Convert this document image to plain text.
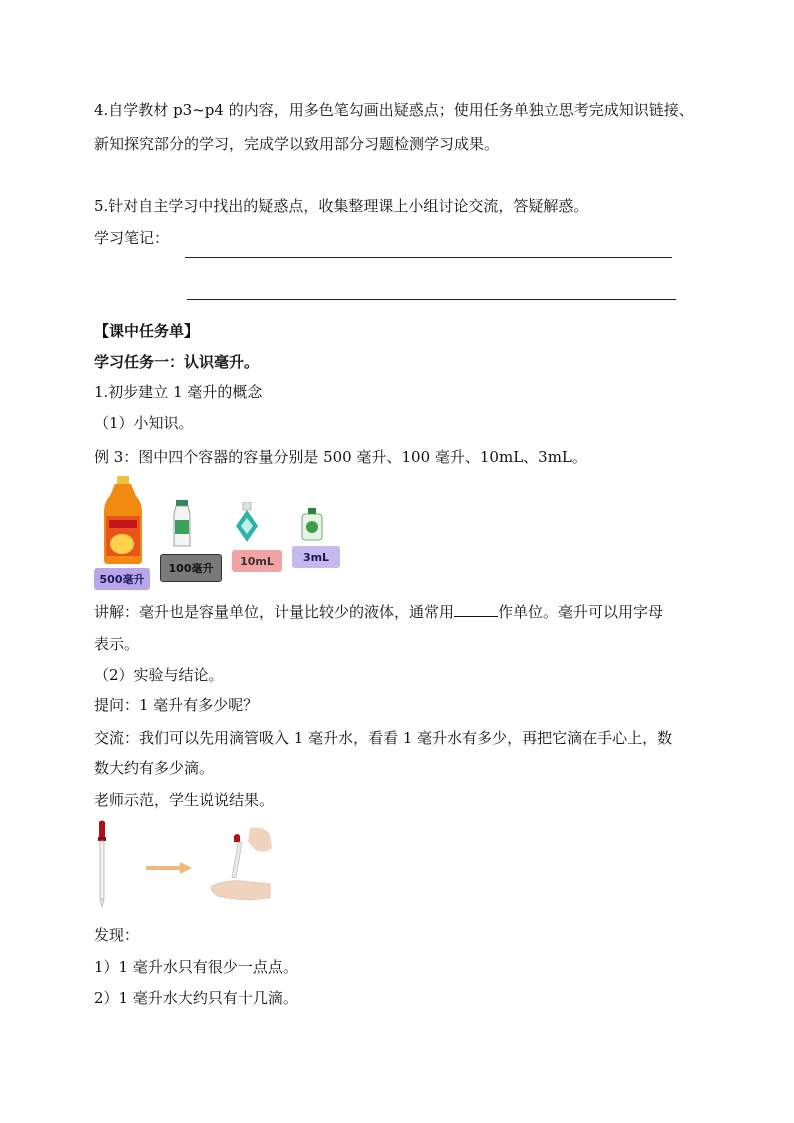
4.自学教材 p3~p4 的内容，用多色笔勾画出疑惑点；使用任务单独立思考完成知识链接、
新知探究部分的学习，完成学以致用部分习题检测学习成果。
5.针对自主学习中找出的疑惑点，收集整理课上小组讨论交流，答疑解惑。
学习笔记：
【课中任务单】
学习任务一：认识毫升。
1.初步建立 1 毫升的概念
（1）小知识。
例 3：图中四个容器的容量分别是 500 毫升、100 毫升、10mL、3mL。
500毫升
100毫升
10mL	3mL
讲解：毫升也是容量单位，计量比较少的液体，通常用	作单位。毫升可以用字母
表示。
（2）实验与结论。
提问：1 毫升有多少呢？
交流：我们可以先用滴管吸入 1 毫升水，看看 1 毫升水有多少，再把它滴在手心上，数
数大约有多少滴。
老师示范，学生说说结果。
发现：
1）1 毫升水只有很少一点点。
2）1 毫升水大约只有十几滴。
